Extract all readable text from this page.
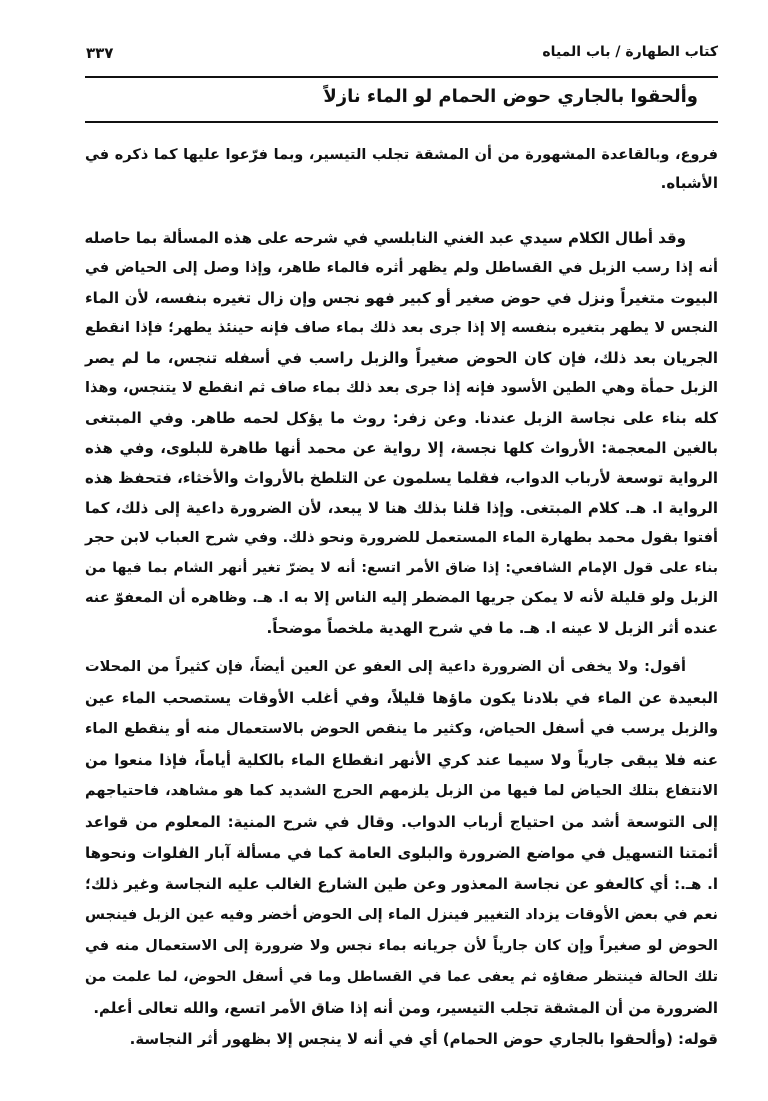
كتاب الطهارة / باب المياه
٣٣٧
وألحقوا بالجاري حوض الحمام لو الماء نازلاً
فروع، وبالقاعدة المشهورة من أن المشقة تجلب التيسير، وبما فرّعوا عليها كما ذكره في
الأشباه.
وقد أطال الكلام سيدي عبد الغني النابلسي في شرحه على هذه المسألة بما حاصله
أنه إذا رسب الزبل في القساطل ولم يظهر أثره فالماء طاهر، وإذا وصل إلى الحياض في
البيوت متغيراً ونزل في حوض صغير أو كبير فهو نجس وإن زال تغيره بنفسه، لأن الماء
النجس لا يطهر بتغيره بنفسه إلا إذا جرى بعد ذلك بماء صاف فإنه حينئذ يطهر؛ فإذا انقطع
الجريان بعد ذلك، فإن كان الحوض صغيراً والزبل راسب في أسفله تنجس، ما لم يصر
الزبل حمأة وهي الطين الأسود فإنه إذا جرى بعد ذلك بماء صاف ثم انقطع لا يتنجس، وهذا
كله بناء على نجاسة الزبل عندنا. وعن زفر: روث ما يؤكل لحمه طاهر. وفي المبتغى
بالغين المعجمة: الأرواث كلها نجسة، إلا رواية عن محمد أنها طاهرة للبلوى، وفي هذه
الرواية توسعة لأرباب الدواب، فقلما يسلمون عن التلطخ بالأرواث والأخثاء، فتحفظ هذه
الرواية ا. هـ. كلام المبتغى. وإذا قلنا بذلك هنا لا يبعد، لأن الضرورة داعية إلى ذلك، كما
أفتوا بقول محمد بطهارة الماء المستعمل للضرورة ونحو ذلك. وفي شرح العباب لابن حجر
بناء على قول الإمام الشافعي: إذا ضاق الأمر اتسع: أنه لا يضرّ تغير أنهر الشام بما فيها من
الزبل ولو قليلة لأنه لا يمكن جريها المضطر إليه الناس إلا به ا. هـ. وظاهره أن المعفوّ عنه
عنده أثر الزبل لا عينه ا. هـ. ما في شرح الهدية ملخصاً موضحاً.
أقول: ولا يخفى أن الضرورة داعية إلى العفو عن العين أيضاً، فإن كثيراً من المحلات
البعيدة عن الماء في بلادنا يكون ماؤها قليلاً، وفي أغلب الأوقات يستصحب الماء عين
والزبل يرسب في أسفل الحياض، وكثير ما ينقص الحوض بالاستعمال منه أو ينقطع الماء
عنه فلا يبقى جارياً ولا سيما عند كري الأنهر انقطاع الماء بالكلية أياماً، فإذا منعوا من
الانتفاع بتلك الحياض لما فيها من الزبل يلزمهم الحرج الشديد كما هو مشاهد، فاحتياجهم
إلى التوسعة أشد من احتياج أرباب الدواب. وقال في شرح المنية: المعلوم من قواعد
أئمتنا التسهيل في مواضع الضرورة والبلوى العامة كما في مسألة آبار الفلوات ونحوها
ا. هـ.: أي كالعفو عن نجاسة المعذور وعن طين الشارع الغالب عليه النجاسة وغير ذلك؛
نعم في بعض الأوقات يزداد التغيير فينزل الماء إلى الحوض أخضر وفيه عين الزبل فينجس
الحوض لو صغيراً وإن كان جارياً لأن جريانه بماء نجس ولا ضرورة إلى الاستعمال منه في
تلك الحالة فينتظر صفاؤه ثم يعفى عما في القساطل وما في أسفل الحوض، لما علمت من
الضرورة من أن المشقة تجلب التيسير، ومن أنه إذا ضاق الأمر اتسع، والله تعالى أعلم.
قوله: (وألحقوا بالجاري حوض الحمام) أي في أنه لا ينجس إلا بظهور أثر النجاسة.
